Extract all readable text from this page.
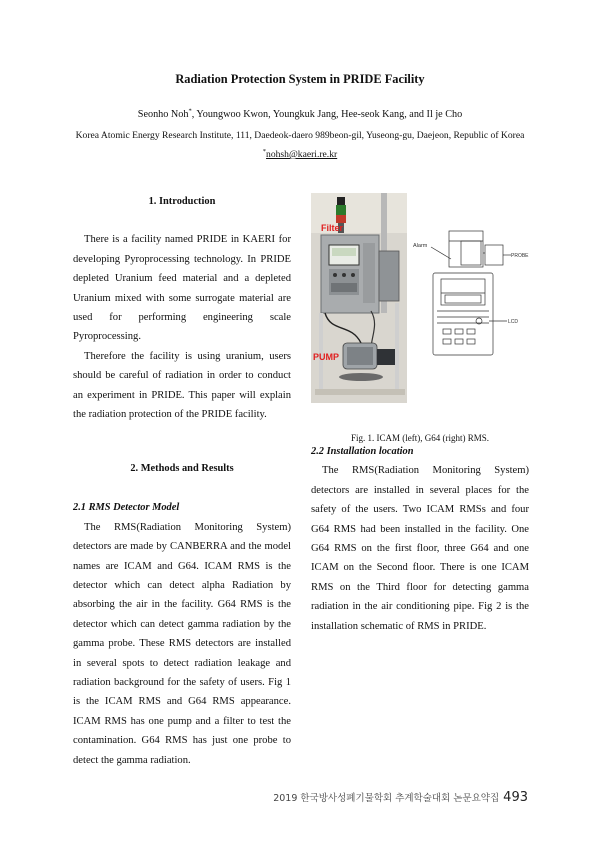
Radiation Protection System in PRIDE Facility
Seonho Noh*, Youngwoo Kwon, Youngkuk Jang, Hee-seok Kang, and Il je Cho
Korea Atomic Energy Research Institute, 111, Daedeok-daero 989beon-gil, Yuseong-gu, Daejeon, Republic of Korea
*nohsh@kaeri.re.kr
1. Introduction

There is a facility named PRIDE in KAERI for developing Pyroprocessing technology. In PRIDE depleted Uranium feed material and a depleted Uranium mixed with some surrogate material are used for performing engineering scale Pyroprocessing.

Therefore the facility is using uranium, users should be careful of radiation in order to conduct an experiment in PRIDE. This paper will explain the radiation protection of the PRIDE facility.

2. Methods and Results
2.1 RMS Detector Model

The RMS(Radiation Monitoring System) detectors are made by CANBERRA and the model names are ICAM and G64. ICAM RMS is the detector which can detect alpha Radiation by absorbing the air in the facility. G64 RMS is the detector which can detect gamma radiation by the gamma probe. These RMS detectors are installed in several spots to detect radiation leakage and radiation background for the safety of users. Fig 1 is the ICAM RMS and G64 RMS appearance. ICAM RMS has one pump and a filter to test the contamination. G64 RMS has just one probe to detect the gamma radiation.

Filter
PUMP
Alarm
PROBE
LCD
Fig. 1. ICAM (left), G64 (right) RMS.
2.2 Installation location

The RMS(Radiation Monitoring System) detectors are installed in several places for the safety of the users. Two ICAM RMSs and four G64 RMS had been installed in the facility. One G64 RMS on the first floor, three G64 and one ICAM on the Second floor. There is one ICAM RMS on the Third floor for detecting gamma radiation in the air conditioning pipe. Fig 2 is the installation schematic of RMS in PRIDE.

2019 한국방사성폐기물학회 추계학술대회 논문요약집 493
